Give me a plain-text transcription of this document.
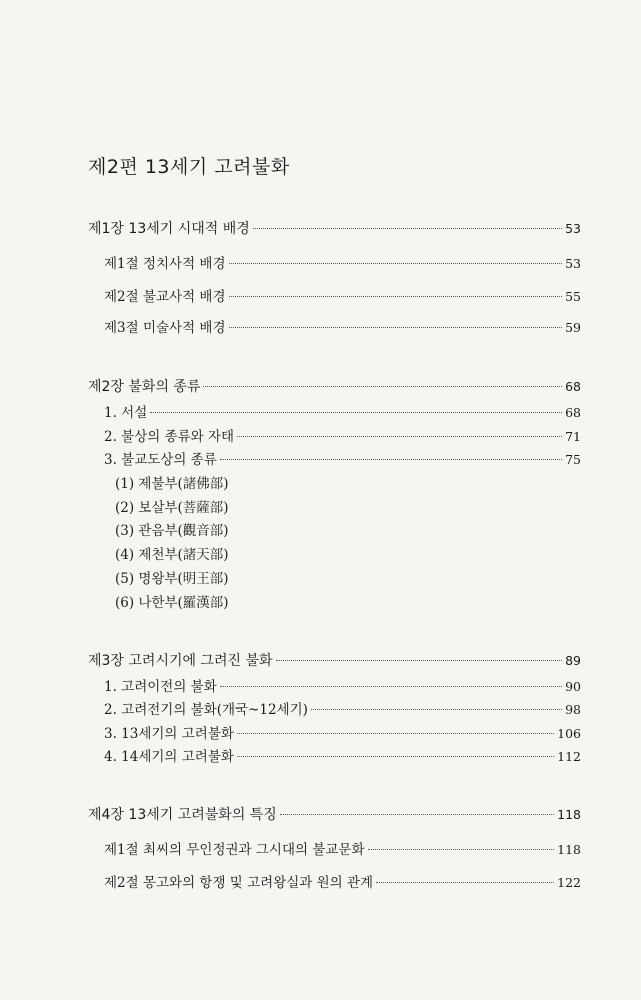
제2편 13세기 고려불화
제1장 13세기 시대적 배경	53
제1절 정치사적 배경	53
제2절 불교사적 배경	55
제3절 미술사적 배경	59
제2장 불화의 종류	68
1. 서설	68
2. 불상의 종류와 자태	71
3. 불교도상의 종류	75
(1) 제불부(諸佛部)
(2) 보살부(菩薩部)
(3) 관음부(觀音部)
(4) 제천부(諸天部)
(5) 명왕부(明王部)
(6) 나한부(羅漢部)
제3장 고려시기에 그려진 불화	89
1. 고려이전의 불화	90
2. 고려전기의 불화(개국~12세기)	98
3. 13세기의 고려불화	106
4. 14세기의 고려불화	112
제4장 13세기 고려불화의 특징	118
제1절 최씨의 무인정권과 그시대의 불교문화	118
제2절 몽고와의 항쟁 및 고려왕실과 원의 관계	122
